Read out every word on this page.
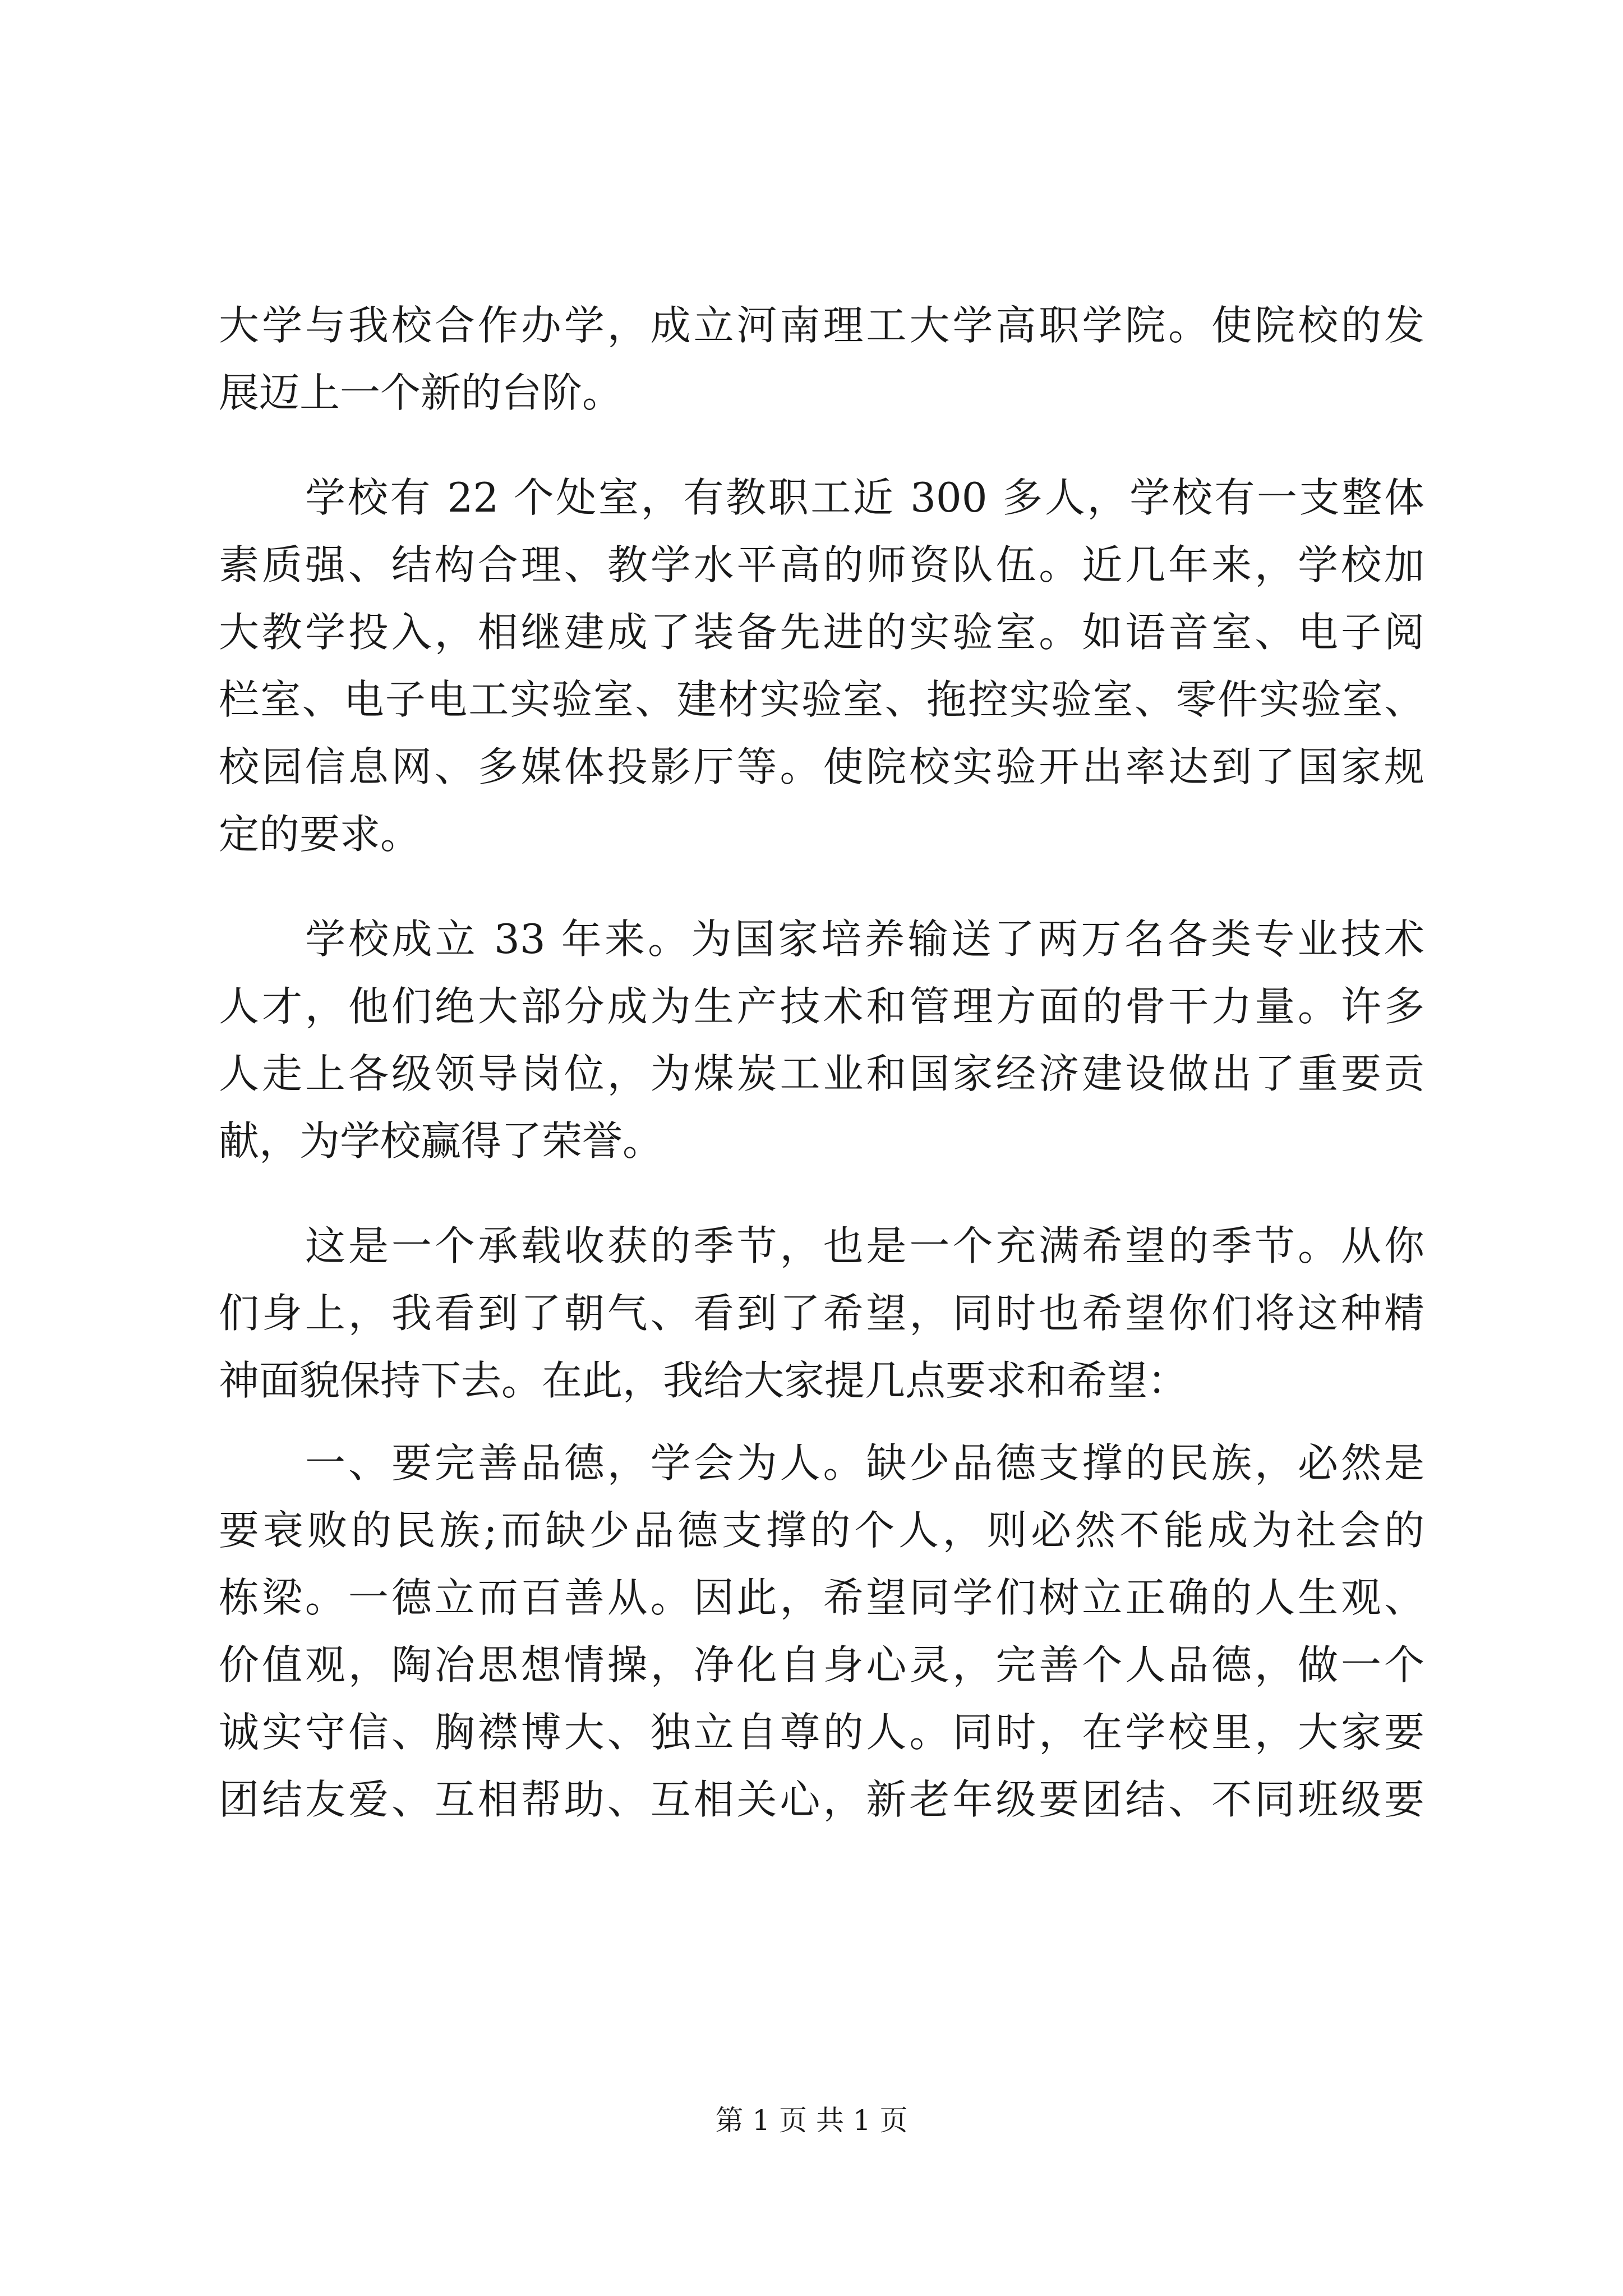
大学与我校合作办学，成立河南理工大学高职学院。使院校的发
展迈上一个新的台阶。
学校有 22 个处室，有教职工近 300 多人，学校有一支整体
素质强、结构合理、教学水平高的师资队伍。近几年来，学校加
大教学投入，相继建成了装备先进的实验室。如语音室、电子阅
栏室、电子电工实验室、建材实验室、拖控实验室、零件实验室、
校园信息网、多媒体投影厅等。使院校实验开出率达到了国家规
定的要求。
学校成立 33 年来。为国家培养输送了两万名各类专业技术
人才，他们绝大部分成为生产技术和管理方面的骨干力量。许多
人走上各级领导岗位，为煤炭工业和国家经济建设做出了重要贡
献，为学校赢得了荣誉。
这是一个承载收获的季节，也是一个充满希望的季节。从你
们身上，我看到了朝气、看到了希望，同时也希望你们将这种精
神面貌保持下去。在此，我给大家提几点要求和希望：
一、要完善品德，学会为人。缺少品德支撑的民族，必然是
要衰败的民族;而缺少品德支撑的个人，则必然不能成为社会的
栋梁。一德立而百善从。因此，希望同学们树立正确的人生观、
价值观，陶冶思想情操，净化自身心灵，完善个人品德，做一个
诚实守信、胸襟博大、独立自尊的人。同时，在学校里，大家要
团结友爱、互相帮助、互相关心，新老年级要团结、不同班级要
第 1 页 共 1 页
